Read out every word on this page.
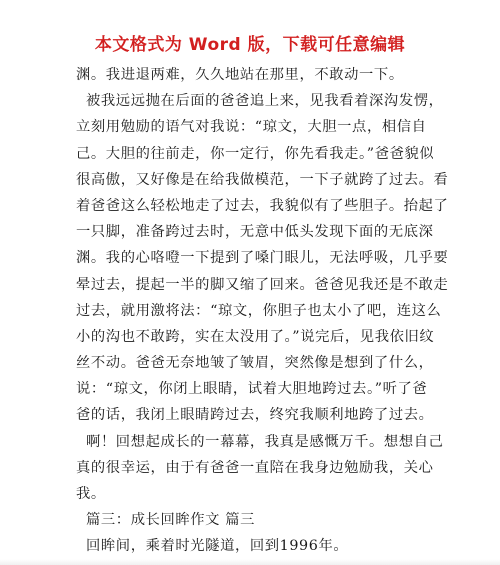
本文格式为 Word 版，下载可任意编辑
渊。我进退两难，久久地站在那里，不敢动一下。
被我远远抛在后面的爸爸追上来，见我看着深沟发愣，
立刻用勉励的语气对我说：“琼文，大胆一点，相信自
己。大胆的往前走，你一定行，你先看我走。”爸爸貌似
很高傲，又好像是在给我做模范，一下子就跨了过去。看
着爸爸这么轻松地走了过去，我貌似有了些胆子。抬起了
一只脚，准备跨过去时，无意中低头发现下面的无底深
渊。我的心咯噔一下提到了嗓门眼儿，无法呼吸，几乎要
晕过去，提起一半的脚又缩了回来。爸爸见我还是不敢走
过去，就用激将法：“琼文，你胆子也太小了吧，连这么
小的沟也不敢跨，实在太没用了。”说完后，见我依旧纹
丝不动。爸爸无奈地皱了皱眉，突然像是想到了什么，
说：“琼文，你闭上眼睛，试着大胆地跨过去。”听了爸
爸的话，我闭上眼睛跨过去，终究我顺利地跨了过去。
啊！回想起成长的一幕幕，我真是感慨万千。想想自己
真的很幸运，由于有爸爸一直陪在我身边勉励我，关心
我。
篇三：成长回眸作文 篇三
回眸间，乘着时光隧道，回到1996年。
